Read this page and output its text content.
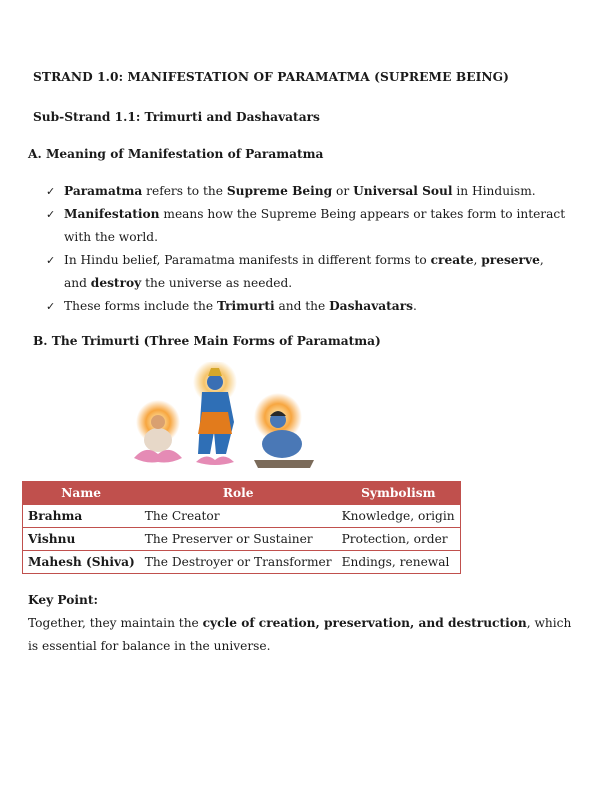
STRAND 1.0: MANIFESTATION OF PARAMATMA (SUPREME BEING)
Sub-Strand 1.1: Trimurti and Dashavatars
A. Meaning of Manifestation of Paramatma
✓ Paramatma refers to the Supreme Being or Universal Soul in Hinduism.
✓ Manifestation means how the Supreme Being appears or takes form to interact
with the world.
✓ In Hindu belief, Paramatma manifests in different forms to create, preserve,
and destroy the universe as needed.
✓ These forms include the Trimurti and the Dashavatars.
B. The Trimurti (Three Main Forms of Paramatma)
Name	Role	Symbolism
Brahma	The Creator	Knowledge, origin
Vishnu	The Preserver or Sustainer	Protection, order
Mahesh (Shiva)	The Destroyer or Transformer	Endings, renewal
Key Point:
Together, they maintain the cycle of creation, preservation, and destruction, which
is essential for balance in the universe.
